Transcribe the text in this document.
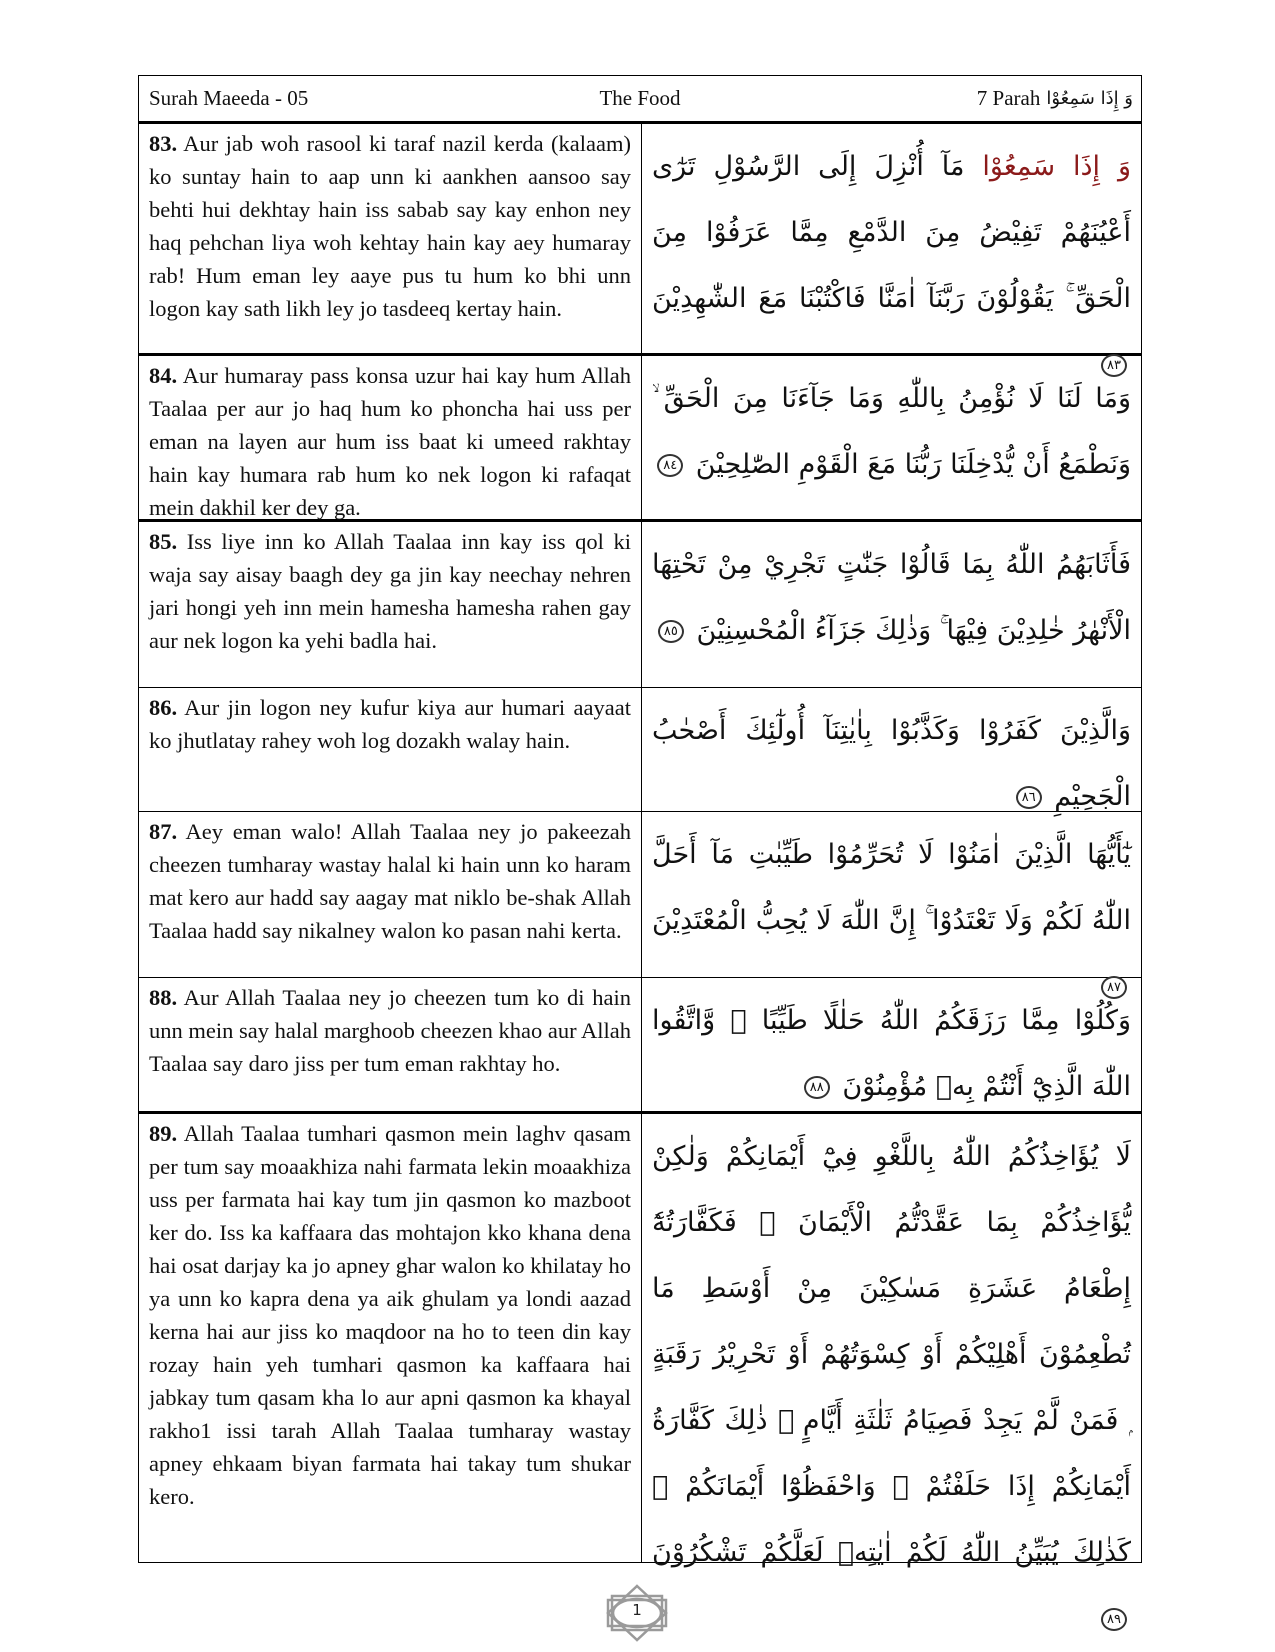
Surah Maeeda - 05	The Food	7 Parah وَ إِذَا سَمِعُوْا
83. Aur jab woh rasool ki taraf nazil kerda (kalaam) ko suntay hain to aap unn ki aankhen aansoo say behti hui dekhtay hain iss sabab say kay enhon ney haq pehchan liya woh kehtay hain kay aey humaray rab! Hum eman ley aaye pus tu hum ko bhi unn logon kay sath likh ley jo tasdeeq kertay hain.
وَ إِذَا سَمِعُوْا مَآ أُنْزِلَ إِلَى الرَّسُوْلِ تَرٰٓى أَعْيُنَهُمْ تَفِيْضُ مِنَ الدَّمْعِ مِمَّا عَرَفُوْا مِنَ الْحَقِّ ۚ يَقُوْلُوْنَ رَبَّنَآ اٰمَنَّا فَاكْتُبْنَا مَعَ الشّٰهِدِيْنَ ٨٣
84. Aur humaray pass konsa uzur hai kay hum Allah Taalaa per aur jo haq hum ko phoncha hai uss per eman na layen aur hum iss baat ki umeed rakhtay hain kay humara rab hum ko nek logon ki rafaqat mein dakhil ker dey ga.
وَمَا لَنَا لَا نُؤْمِنُ بِاللّٰهِ وَمَا جَآءَنَا مِنَ الْحَقِّ ۙ وَنَطْمَعُ أَنْ يُّدْخِلَنَا رَبُّنَا مَعَ الْقَوْمِ الصّٰلِحِيْنَ ٨٤
85. Iss liye inn ko Allah Taalaa inn kay iss qol ki waja say aisay baagh dey ga jin kay neechay nehren jari hongi yeh inn mein hamesha hamesha rahen gay aur nek logon ka yehi badla hai.
فَأَثَابَهُمُ اللّٰهُ بِمَا قَالُوْا جَنّٰتٍ تَجْرِيْ مِنْ تَحْتِهَا الْأَنْهٰرُ خٰلِدِيْنَ فِيْهَا ۚ وَذٰلِكَ جَزَآءُ الْمُحْسِنِيْنَ ٨٥
86. Aur jin logon ney kufur kiya aur humari aayaat ko jhutlatay rahey woh log dozakh walay hain.	وَالَّذِيْنَ كَفَرُوْا وَكَذَّبُوْا بِاٰيٰتِنَآ أُولٰٓئِكَ أَصْحٰبُ الْجَحِيْمِ ٨٦
87. Aey eman walo! Allah Taalaa ney jo pakeezah cheezen tumharay wastay halal ki hain unn ko haram mat kero aur hadd say aagay mat niklo be-shak Allah Taalaa hadd say nikalney walon ko pasan nahi kerta.
يٰٓأَيُّهَا الَّذِيْنَ اٰمَنُوْا لَا تُحَرِّمُوْا طَيِّبٰتِ مَآ أَحَلَّ اللّٰهُ لَكُمْ وَلَا تَعْتَدُوْا ۚ إِنَّ اللّٰهَ لَا يُحِبُّ الْمُعْتَدِيْنَ ٨٧
88. Aur Allah Taalaa ney jo cheezen tum ko di hain unn mein say halal marghoob cheezen khao aur Allah Taalaa say daro jiss per tum eman rakhtay ho.
وَكُلُوْا مِمَّا رَزَقَكُمُ اللّٰهُ حَلٰلًا طَيِّبًا ۪ وَّاتَّقُوا اللّٰهَ الَّذِيْٓ أَنْتُمْ بِهٖ مُؤْمِنُوْنَ ٨٨
89. Allah Taalaa tumhari qasmon mein laghv qasam per tum say moaakhiza nahi farmata lekin moaakhiza uss per farmata hai kay tum jin qasmon ko mazboot ker do. Iss ka kaffaara das mohtajon kko khana dena hai osat darjay ka jo apney ghar walon ko khilatay ho ya unn ko kapra dena ya aik ghulam ya londi aazad kerna hai aur jiss ko maqdoor na ho to teen din kay rozay hain yeh tumhari qasmon ka kaffaara hai jabkay tum qasam kha lo aur apni qasmon ka khayal rakho1 issi tarah Allah Taalaa tumharay wastay apney ehkaam biyan farmata hai takay tum shukar kero.
لَا يُؤَاخِذُكُمُ اللّٰهُ بِاللَّغْوِ فِيْٓ أَيْمَانِكُمْ وَلٰكِنْ يُّؤَاخِذُكُمْ بِمَا عَقَّدْتُّمُ الْأَيْمَانَ ۚ فَكَفَّارَتُهٗٓ إِطْعَامُ عَشَرَةِ مَسٰكِيْنَ مِنْ أَوْسَطِ مَا تُطْعِمُوْنَ أَهْلِيْكُمْ أَوْ كِسْوَتُهُمْ أَوْ تَحْرِيْرُ رَقَبَةٍ ۭ فَمَنْ لَّمْ يَجِدْ فَصِيَامُ ثَلٰثَةِ أَيَّامٍ ۭ ذٰلِكَ كَفَّارَةُ أَيْمَانِكُمْ إِذَا حَلَفْتُمْ ۭ وَاحْفَظُوْٓا أَيْمَانَكُمْ ۭ كَذٰلِكَ يُبَيِّنُ اللّٰهُ لَكُمْ اٰيٰتِهٖ لَعَلَّكُمْ تَشْكُرُوْنَ ٨٩
1
